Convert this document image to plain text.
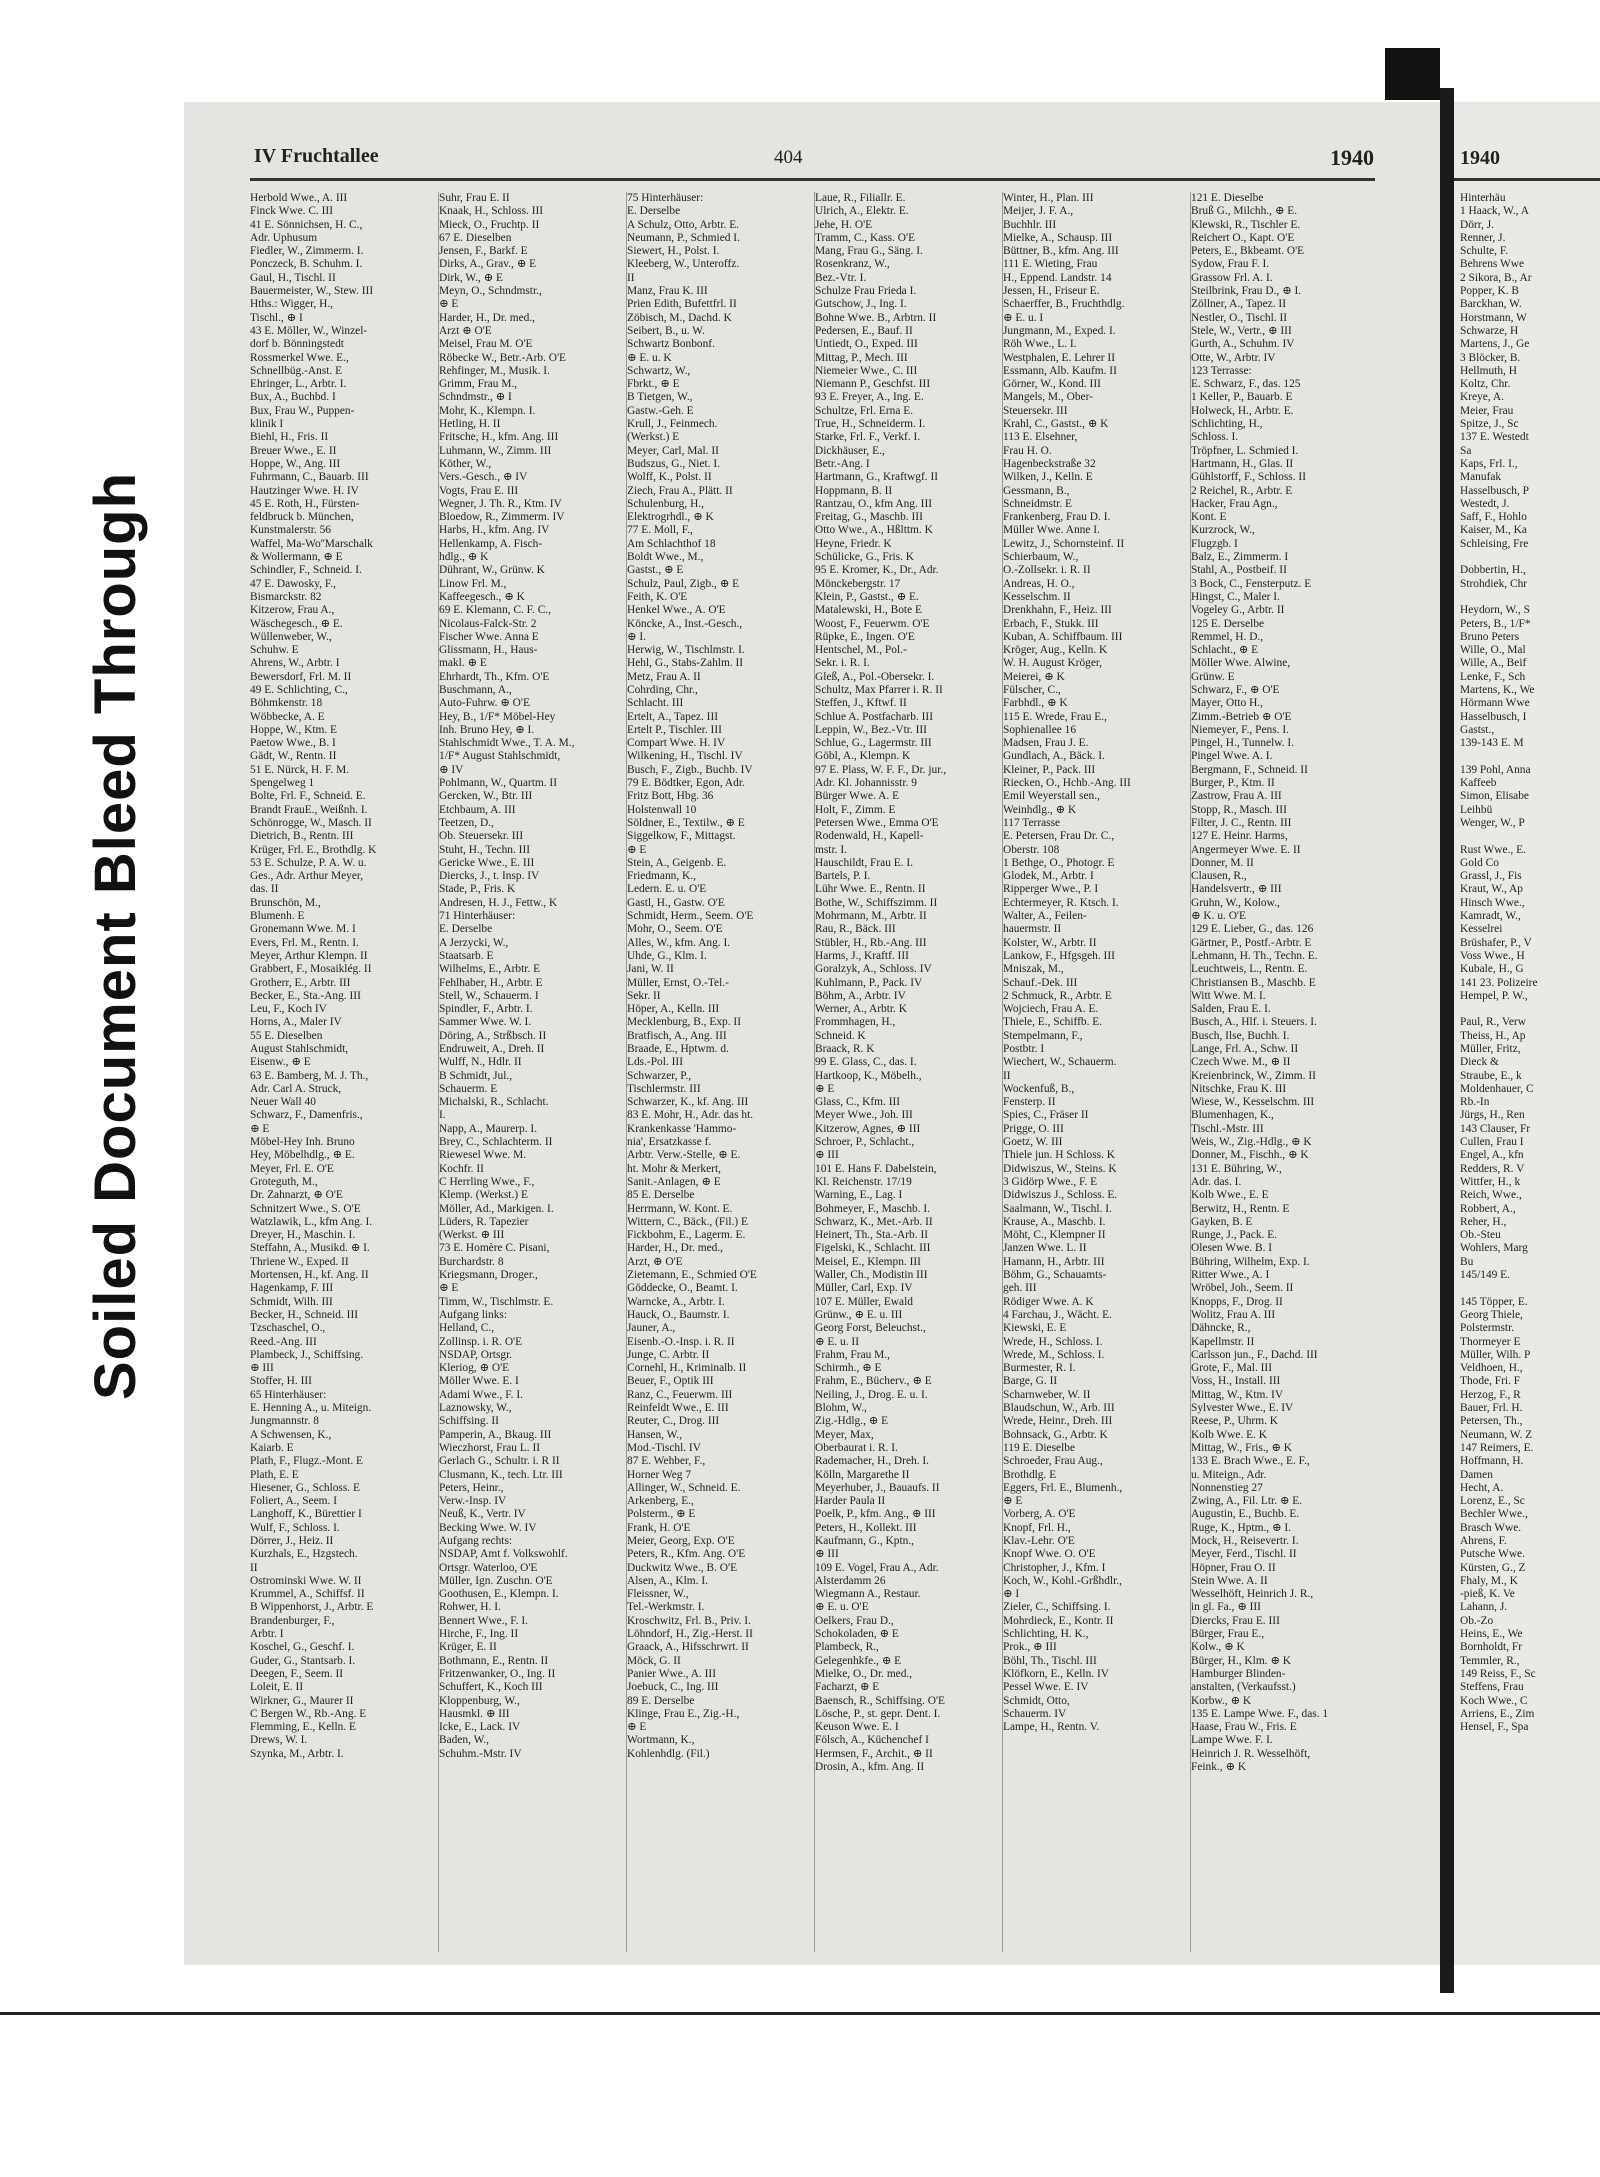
Soiled Document Bleed Through
IV Fruchtallee	404	1940
Herbold Wwe., A. III
Finck Wwe. C. III
41 E. Sönnichsen, H. C.,
Adr. Uphusum
Fiedler, W., Zimmerm. I.
Ponczeck, B. Schuhm. I.
Gaul, H., Tischl. II
Bauermeister, W., Stew. III
Hths.: Wigger, H.,
Tischl., ⊕ I
43 E. Möller, W., Winzel-
dorf b. Bönningstedt
Rossmerkel Wwe. E.,
Schnellbüg.-Anst. E
Ehringer, L., Arbtr. I.
Bux, A., Buchbd. I
Bux, Frau W., Puppen-
klinik I
Biehl, H., Fris. II
Breuer Wwe., E. II
Hoppe, W., Ang. III
Fuhrmann, C., Bauarb. III
Hautzinger Wwe. H. IV
45 E. Roth, H., Fürsten-
feldbruck b. München,
Kunstmalerstr. 56
Waffel, Ma-Wo''Marschalk
& Wollermann, ⊕ E
Schindler, F., Schneid. I.
47 E. Dawosky, F.,
Bismarckstr. 82
Kitzerow, Frau A.,
Wäschegesch., ⊕ E.
Wüllenweber, W.,
Schuhw. E
Ahrens, W., Arbtr. I
Bewersdorf, Frl. M. II
49 E. Schlichting, C.,
Böhmkenstr. 18
Wöbbecke, A. E
Hoppe, W., Ktm. E
Paetow Wwe., B. I
Gädt, W., Rentn. II
51 E. Nürck, H. F. M.
Spengelweg 1
Bolte, Frl. F., Schneid. E.
Brandt FrauE., Weißnh. I.
Schönrogge, W., Masch. II
Dietrich, B., Rentn. III
Krüger, Frl. E., Brothdlg. K
53 E. Schulze, P. A. W. u.
Ges., Adr. Arthur Meyer,
das. II
Brunschön, M.,
Blumenh. E
Gronemann Wwe. M. I
Evers, Frl. M., Rentn. I.
Meyer, Arthur Klempn. II
Grabbert, F., Mosaiklég. II
Grotherr, E., Arbtr. III
Becker, E., Sta.-Ang. III
Leu, F., Koch IV
Horns, A., Maler IV
55 E. Dieselben
August Stahlschmidt,
Eisenw., ⊕ E
63 E. Bamberg, M. J. Th.,
Adr. Carl A. Struck,
Neuer Wall 40
Schwarz, F., Damenfris.,
⊕ E
Möbel-Hey Inh. Bruno
Hey, Möbelhdlg., ⊕ E.
Meyer, Frl. E. O'E
Groteguth, M.,
Dr. Zahnarzt, ⊕ O'E
Schnitzert Wwe., S. O'E
Watzlawik, L., kfm Ang. I.
Dreyer, H., Maschin. I.
Steffahn, A., Musikd. ⊕ I.
Thriene W., Exped. II
Mortensen, H., kf. Ang. II
Hagenkamp, F. III
Schmidt, Wilh. III
Becker, H., Schneid. III
Tzschaschel, O.,
Reed.-Ang. III
Plambeck, J., Schiffsing.
⊕ III
Stoffer, H. III
65 Hinterhäuser:
E. Henning A., u. Miteign.
Jungmannstr. 8
A Schwensen, K.,
Kaiarb. E
Plath, F., Flugz.-Mont. E
Plath, E. E
Hiesener, G., Schloss. E
Foliert, A., Seem. I
Langhoff, K., Bürettier I
Wulf, F., Schloss. I.
Dörrer, J., Heiz. II
Kurzhals, E., Hzgstech.
II
Ostrominski Wwe. W. II
Krummel, A., Schiffsf. II
B Wippenhorst, J., Arbtr. E
Brandenburger, F.,
Arbtr. I
Koschel, G., Geschf. I.
Guder, G., Stantsarb. I.
Deegen, F., Seem. II
Loleit, E. II
Wirkner, G., Maurer II
C Bergen W., Rb.-Ang. E
Flemming, E., Kelln. E
Drews, W. I.
Szynka, M., Arbtr. I.
Suhr, Frau E. II
Knaak, H., Schloss. III
Mieck, O., Fruchtp. II
67 E. Dieselben
Jensen, F., Barkf. E
Dirks, A., Grav., ⊕ E
Dirk, W., ⊕ E
Meyn, O., Schndmstr.,
⊕ E
Harder, H., Dr. med.,
Arzt ⊕ O'E
Meisel, Frau M. O'E
Röbecke W., Betr.-Arb. O'E
Rehfinger, M., Musik. I.
Grimm, Frau M.,
Schndmstr., ⊕ I
Mohr, K., Klempn. I.
Hetling, H. II
Fritsche, H., kfm. Ang. III
Luhmann, W., Zimm. III
Köther, W.,
Vers.-Gesch., ⊕ IV
Vogts, Frau E. III
Wegner, J. Th. R., Ktm. IV
Bloedow, R., Zimmerm. IV
Harbs, H., kfm. Ang. IV
Hellenkamp, A. Fisch-
hdlg., ⊕ K
Dührant, W., Grünw. K
Linow Frl. M.,
Kaffeegesch., ⊕ K
69 E. Klemann, C. F. C.,
Nicolaus-Falck-Str. 2
Fischer Wwe. Anna E
Glissmann, H., Haus-
makl. ⊕ E
Ehrhardt, Th., Kfm. O'E
Buschmann, A.,
Auto-Fuhrw. ⊕ O'E
Hey, B., 1/F* Möbel-Hey
Inh. Bruno Hey, ⊕ I.
Stahlschmidt Wwe., T. A. M.,
1/F* August Stahlschmidt,
⊕ IV
Pohlmann, W., Quartm. II
Gercken, W., Btr. III
Etchbaum, A. III
Teetzen, D.,
Ob. Steuersekr. III
Stuht, H., Techn. III
Gericke Wwe., E. III
Diercks, J., t. Insp. IV
Stade, P., Fris. K
Andresen, H. J., Fettw., K
71 Hinterhäuser:
E. Derselbe
A Jerzycki, W.,
Staatsarb. E
Wilhelms, E., Arbtr. E
Fehlhaber, H., Arbtr. E
Stell, W., Schauerm. I
Spindler, F., Arbtr. I.
Sammer Wwe. W. I.
Döring, A., Strßbsch. II
Endruweit, A., Dreh. II
Wulff, N., Hdlr. II
B Schmidt, Jul.,
Schauerm. E
Michalski, R., Schlacht.
I.
Napp, A., Maurerp. I.
Brey, C., Schlachterm. II
Riewesel Wwe. M.
Kochfr. II
C Herrling Wwe., F.,
Klemp. (Werkst.) E
Möller, Ad., Markigen. I.
Lüders, R. Tapezier
(Werkst. ⊕ III
73 E. Homère C. Pisani,
Burchardstr. 8
Kriegsmann, Droger.,
⊕ E
Timm, W., Tischlmstr. E.
Aufgang links:
Helland, C.,
Zollinsp. i. R. O'E
NSDAP, Ortsgr.
Kleriog, ⊕ O'E
Möller Wwe. E. I
Adami Wwe., F. I.
Laznowsky, W.,
Schiffsing. II
Pamperin, A., Bkaug. III
Wieczhorst, Frau L. II
Gerlach G., Schultr. i. R II
Clusmann, K., tech. Ltr. III
Peters, Heinr.,
Verw.-Insp. IV
Neuß, K., Vertr. IV
Becking Wwe. W. IV
Aufgang rechts:
NSDAP, Amt f. Volkswohlf.
Ortsgr. Waterloo, O'E
Müller, Ign. Zuschn. O'E
Goothusen, E., Klempn. I.
Rohwer, H. I.
Bennert Wwe., F. I.
Hirche, F., Ing. II
Krüger, E. II
Bothmann, E., Rentn. II
Fritzenwanker, O., Ing. II
Schuffert, K., Koch III
Kloppenburg, W.,
Hausmkl. ⊕ III
Icke, E., Lack. IV
Baden, W.,
Schuhm.-Mstr. IV
75 Hinterhäuser:
E. Derselbe
A Schulz, Otto, Arbtr. E.
Neumann, P., Schmied I.
Siewert, H., Polst. I.
Kleeberg, W., Unteroffz.
II
Manz, Frau K. III
Prien Edith, Bufettfrl. II
Zöbisch, M., Dachd. K
Seibert, B., u. W.
Schwartz Bonbonf.
⊕ E. u. K
Schwartz, W.,
Fbrkt., ⊕ E
B Tietgen, W.,
Gastw.-Geh. E
Krull, J., Feinmech.
(Werkst.) E
Meyer, Carl, Mal. II
Budszus, G., Niet. I.
Wolff, K., Polst. II
Ziech, Frau A., Plätt. II
Schulenburg, H.,
Elektrogrhdl., ⊕ K
77 E. Moll, F.,
Am Schlachthof 18
Boldt Wwe., M.,
Gastst., ⊕ E
Schulz, Paul, Zigb., ⊕ E
Feith, K. O'E
Henkel Wwe., A. O'E
Köncke, A., Inst.-Gesch.,
⊕ I.
Herwig, W., Tischlmstr. I.
Hehl, G., Stabs-Zahlm. II
Metz, Frau A. II
Cohrding, Chr.,
Schlacht. III
Ertelt, A., Tapez. III
Ertelt P., Tischler. III
Compart Wwe. H. IV
Wilkening, H., Tischl. IV
Busch, F., Zigb., Buchb. IV
79 E. Bödtker, Egon, Adr.
Fritz Bott, Hbg. 36
Holstenwall 10
Söldner, E., Textilw., ⊕ E
Siggelkow, F., Mittagst.
⊕ E
Stein, A., Geigenb. E.
Friedmann, K.,
Ledern. E. u. O'E
Gastl, H., Gastw. O'E
Schmidt, Herm., Seem. O'E
Mohr, O., Seem. O'E
Alles, W., kfm. Ang. I.
Uhde, G., Klm. I.
Jani, W. II
Müller, Ernst, O.-Tel.-
Sekr. II
Höper, A., Kelln. III
Mecklenburg, B., Exp. II
Bratfisch, A., Ang. III
Braade, E., Hptwm. d.
Lds.-Pol. III
Schwarzer, P.,
Tischlermstr. III
Schwarzer, K., kf. Ang. III
83 E. Mohr, H., Adr. das ht.
Krankenkasse 'Hammo-
nia', Ersatzkasse f.
Arbtr. Verw.-Stelle, ⊕ E.
ht. Mohr & Merkert,
Sanit.-Anlagen, ⊕ E
85 E. Derselbe
Herrmann, W. Kont. E.
Wittern, C., Bäck., (Fil.) E
Fickbohm, E., Lagerm. E.
Harder, H., Dr. med.,
Arzt, ⊕ O'E
Zietemann, E., Schmied O'E
Göddecke, O., Beamt. I.
Warncke, A., Arbtr. I.
Hauck, O., Baumstr. I.
Jauner, A.,
Eisenb.-O.-Insp. i. R. II
Junge, C. Arbtr. II
Cornehl, H., Kriminalb. II
Beuer, F., Optik III
Ranz, C., Feuerwm. III
Reinfeldt Wwe., E. III
Reuter, C., Drog. III
Hansen, W.,
Mod.-Tischl. IV
87 E. Wehber, F.,
Horner Weg 7
Allinger, W., Schneid. E.
Arkenberg, E.,
Polsterm., ⊕ E
Frank, H. O'E
Meier, Georg, Exp. O'E
Peters, R., Kfm. Ang. O'E
Duckwitz Wwe., B. O'E
Alsen, A., Klm. I.
Fleissner, W.,
Tel.-Werkmstr. I.
Kroschwitz, Frl. B., Priv. I.
Löhndorf, H., Zig.-Herst. II
Graack, A., Hifsschrwrt. II
Möck, G. II
Panier Wwe., A. III
Joebuck, C., Ing. III
89 E. Derselbe
Klinge, Frau E., Zig.-H.,
⊕ E
Wortmann, K.,
Kohlenhdlg. (Fil.)
Laue, R., Filiallr. E.
Ulrich, A., Elektr. E.
Jehe, H. O'E
Tramm, C., Kass. O'E
Mang, Frau G., Säng. I.
Rosenkranz, W.,
Bez.-Vtr. I.
Schulze Frau Frieda I.
Gutschow, J., Ing. I.
Bohne Wwe. B., Arbtrn. II
Pedersen, E., Bauf. II
Untiedt, O., Exped. III
Mittag, P., Mech. III
Niemeier Wwe., C. III
Niemann P., Geschfst. III
93 E. Freyer, A., Ing. E.
Schultze, Frl. Erna E.
True, H., Schneiderm. I.
Starke, Frl. F., Verkf. I.
Dickhäuser, E.,
Betr.-Ang. I
Hartmann, G., Kraftwgf. II
Hoppmann, B. II
Rantzau, O., kfm Ang. III
Freitag, G., Maschb. III
Otto Wwe., A., Hßlttm. K
Heyne, Friedr. K
Schülicke, G., Fris. K
95 E. Kromer, K., Dr., Adr.
Mönckebergstr. 17
Klein, P., Gastst., ⊕ E.
Matalewski, H., Bote E
Woost, F., Feuerwm. O'E
Rüpke, E., Ingen. O'E
Hentschel, M., Pol.-
Sekr. i. R. I.
Gleß, A., Pol.-Obersekr. I.
Schultz, Max Pfarrer i. R. II
Steffen, J., Kftwf. II
Schlue A. Postfacharb. III
Leppin, W., Bez.-Vtr. III
Schlue, G., Lagermstr. III
Göbl, A., Klempn. K
97 E. Plass, W. F. F., Dr. jur.,
Adr. Kl. Johannisstr. 9
Bürger Wwe. A. E
Holt, F., Zimm. E
Petersen Wwe., Emma O'E
Rodenwald, H., Kapell-
mstr. I.
Hauschildt, Frau E. I.
Bartels, P. I.
Lühr Wwe. E., Rentn. II
Bothe, W., Schiffszimm. II
Mohrmann, M., Arbtr. II
Rau, R., Bäck. III
Stübler, H., Rb.-Ang. III
Harms, J., Kraftf. III
Goralzyk, A., Schloss. IV
Kuhlmann, P., Pack. IV
Böhm, A., Arbtr. IV
Werner, A., Arbtr. K
Frommhagen, H.,
Schneid. K
Braack, R. K
99 E. Glass, C., das. I.
Hartkoop, K., Möbelh.,
⊕ E
Glass, C., Kfm. III
Meyer Wwe., Joh. III
Kitzerow, Agnes, ⊕ III
Schroer, P., Schlacht.,
⊕ III
101 E. Hans F. Dabelstein,
Kl. Reichenstr. 17/19
Warning, E., Lag. I
Bohmeyer, F., Maschb. I.
Schwarz, K., Met.-Arb. II
Heinert, Th., Sta.-Arb. II
Figelski, K., Schlacht. III
Meisel, E., Klempn. III
Waller, Ch., Modistin III
Müller, Carl, Exp. IV
107 E. Müller, Ewald
Grünw., ⊕ E. u. III
Georg Forst, Beleuchst.,
⊕ E. u. II
Frahm, Frau M.,
Schirmh., ⊕ E
Frahm, E., Bücherv., ⊕ E
Neiling, J., Drog. E. u. I.
Blohm, W.,
Zig.-Hdlg., ⊕ E
Meyer, Max,
Oberbaurat i. R. I.
Rademacher, H., Dreh. I.
Kölln, Margarethe II
Meyerhuber, J., Bauaufs. II
Harder Paula II
Poelk, P., kfm. Ang., ⊕ III
Peters, H., Kollekt. III
Kaufmann, G., Kptn.,
⊕ III
109 E. Vogel, Frau A., Adr.
Alsterdamm 26
Wiegmann A., Restaur.
⊕ E. u. O'E
Oelkers, Frau D.,
Schokoladen, ⊕ E
Plambeck, R.,
Gelegenhkfe., ⊕ E
Mielke, O., Dr. med.,
Facharzt, ⊕ E
Baensch, R., Schiffsing. O'E
Lösche, P., st. gepr. Dent. I.
Keuson Wwe. E. I
Fölsch, A., Küchenchef I
Hermsen, F., Archit., ⊕ II
Drosin, A., kfm. Ang. II
Winter, H., Plan. III
Meijer, J. F. A.,
Buchhlr. III
Mielke, A., Schausp. III
Büttner, B., kfm. Ang. III
111 E. Wieting, Frau
H., Eppend. Landstr. 14
Jessen, H., Friseur E.
Schaerffer, B., Fruchthdlg.
⊕ E. u. I
Jungmann, M., Exped. I.
Röh Wwe., L. I.
Westphalen, E. Lehrer II
Essmann, Alb. Kaufm. II
Görner, W., Kond. III
Mangels, M., Ober-
Steuersekr. III
Krahl, C., Gastst., ⊕ K
113 E. Elsehner,
Frau H. O.
Hagenbeckstraße 32
Wilken, J., Kelln. E
Gessmann, B.,
Schneidmstr. E
Frankenberg, Frau D. I.
Müller Wwe. Anne I.
Lewitz, J., Schornsteinf. II
Schierbaum, W.,
O.-Zollsekr. i. R. II
Andreas, H. O.,
Kesselschm. II
Drenkhahn, F., Heiz. III
Erbach, F., Stukk. III
Kuban, A. Schiffbaum. III
Kröger, Aug., Kelln. K
W. H. August Kröger,
Meierei, ⊕ K
Fülscher, C.,
Farbhdl., ⊕ K
115 E. Wrede, Frau E.,
Sophienallee 16
Madsen, Frau J. E.
Gundlach, A., Bäck. I.
Kleiner, P., Pack. III
Riecken, O., Hchb.-Ang. III
Emil Weyerstall sen.,
Weinhdlg., ⊕ K
117 Terrasse
E. Petersen, Frau Dr. C.,
Oberstr. 108
1 Bethge, O., Photogr. E
Glodek, M., Arbtr. I
Ripperger Wwe., P. I
Echtermeyer, R. Ktsch. I.
Walter, A., Feilen-
hauermstr. II
Kolster, W., Arbtr. II
Lankow, F., Hfgsgeh. III
Mniszak, M.,
Schauf.-Dek. III
2 Schmuck, R., Arbtr. E
Wojciech, Frau A. E.
Thiele, E., Schiffb. E.
Stempelmann, F.,
Postbtr. I
Wiechert, W., Schauerm.
II
Wockenfuß, B.,
Fensterp. II
Spies, C., Fräser II
Prigge, O. III
Goetz, W. III
Thiele jun. H Schloss. K
Didwiszus, W., Steins. K
3 Gidörp Wwe., F. E
Didwiszus J., Schloss. E.
Saalmann, W., Tischl. I.
Krause, A., Maschb. I.
Möht, C., Klempner II
Janzen Wwe. L. II
Hamann, H., Arbtr. III
Böhm, G., Schauamts-
geh. III
Rödiger Wwe. A. K
4 Farchau, J., Wächt. E.
Kiewski, E. E
Wrede, H., Schloss. I.
Wrede, M., Schloss. I.
Burmester, R. I.
Barge, G. II
Scharnweber, W. II
Blaudschun, W., Arb. III
Wrede, Heinr., Dreh. III
Bohnsack, G., Arbtr. K
119 E. Dieselbe
Schroeder, Frau Aug.,
Brothdlg. E
Eggers, Frl. E., Blumenh.,
⊕ E
Vorberg, A. O'E
Knopf, Frl. H.,
Klav.-Lehr. O'E
Knopf Wwe. O. O'E
Christopher, J., Kfm. I
Koch, W., Kohl.-Grßhdlr.,
⊕ I
Zieler, C., Schiffsing. I.
Mohrdieck, E., Kontr. II
Schlichting, H. K.,
Prok., ⊕ III
Böhl, Th., Tischl. III
Klöfkorn, E., Kelln. IV
Pessel Wwe. E. IV
Schmidt, Otto,
Schauerm. IV
Lampe, H., Rentn. V.
121 E. Dieselbe
Bruß G., Milchh., ⊕ E.
Klewski, R., Tischler E.
Reichert O., Kapt. O'E
Peters, E., Bkbeamt. O'E
Sydow, Frau F. I.
Grassow Frl. A. I.
Steilbrink, Frau D., ⊕ I.
Zöllner, A., Tapez. II
Nestler, O., Tischl. II
Stele, W., Vertr., ⊕ III
Gurth, A., Schuhm. IV
Otte, W., Arbtr. IV
123 Terrasse:
E. Schwarz, F., das. 125
1 Keller, P., Bauarb. E
Holweck, H., Arbtr. E.
Schlichting, H.,
Schloss. I.
Tröpfner, L. Schmied I.
Hartmann, H., Glas. II
Gühlstorff, F., Schloss. II
2 Reichel, R., Arbtr. E
Hacker, Frau Agn.,
Kont. E
Kurzrock, W.,
Flugzgb. I
Balz, E., Zimmerm. I
Stahl, A., Postbeif. II
3 Bock, C., Fensterputz. E
Hingst, C., Maler I.
Vogeley G., Arbtr. II
125 E. Derselbe
Remmel, H. D.,
Schlacht., ⊕ E
Möller Wwe. Alwine,
Grünw. E
Schwarz, F., ⊕ O'E
Mayer, Otto H.,
Zimm.-Betrieb ⊕ O'E
Niemeyer, F., Pens. I.
Pingel, H., Tunnelw. I.
Pingel Wwe. A. I.
Bergmann, F., Schneid. II
Burger, P., Ktm. II
Zastrow, Frau A. III
Stopp, R., Masch. III
Filter, J. C., Rentn. III
127 E. Heinr. Harms,
Angermeyer Wwe. E. II
Donner, M. II
Clausen, R.,
Handelsvertr., ⊕ III
Gruhn, W., Kolow.,
⊕ K. u. O'E
129 E. Lieber, G., das. 126
Gärtner, P., Postf.-Arbtr. E
Lehmann, H. Th., Techn. E.
Leuchtweis, L., Rentn. E.
Christiansen B., Maschb. E
Witt Wwe. M. I.
Salden, Frau E. I.
Busch, A., Hlf. i. Steuers. I.
Busch, Ilse, Buchh. I.
Lange, Frl. A., Schw. II
Czech Wwe. M., ⊕ II
Kreienbrinck, W., Zimm. II
Nitschke, Frau K. III
Wiese, W., Kesselschm. III
Blumenhagen, K.,
Tischl.-Mstr. III
Weis, W., Zig.-Hdlg., ⊕ K
Donner, M., Fischh., ⊕ K
131 E. Bühring, W.,
Adr. das. I.
Kolb Wwe., E. E
Berwitz, H., Rentn. E
Gayken, B. E
Runge, J., Pack. E.
Olesen Wwe. B. I
Bühring, Wilhelm, Exp. I.
Ritter Wwe., A. I
Wröbel, Joh., Seem. II
Knopps, F., Drog. II
Wolitz, Frau A. III
Dähncke, R.,
Kapellmstr. II
Carlsson jun., F., Dachd. III
Grote, F., Mal. III
Voss, H., Install. III
Mittag, W., Ktm. IV
Sylvester Wwe., E. IV
Reese, P., Uhrm. K
Kolb Wwe. E. K
Mittag, W., Fris., ⊕ K
133 E. Brach Wwe., E. F.,
u. Miteign., Adr.
Nonnenstieg 27
Zwing, A., Fil. Ltr. ⊕ E.
Augustin, E., Buchb. E.
Ruge, K., Hptm., ⊕ I.
Mock, H., Reisevertr. I.
Meyer, Ferd., Tischl. II
Höpner, Frau O. II
Stein Wwe. A. II
Wesselhöft, Heinrich J. R.,
in gl. Fa., ⊕ III
Diercks, Frau E. III
Bürger, Frau E.,
Kolw., ⊕ K
Bürger, H., Klm. ⊕ K
Hamburger Blinden-
anstalten, (Verkaufsst.)
Korbw., ⊕ K
135 E. Lampe Wwe. F., das. 1
Haase, Frau W., Fris. E
Lampe Wwe. F. I.
Heinrich J. R. Wesselhöft,
Feink., ⊕ K
1940
Hinterhäu
1 Haack, W., A
Dörr, J.
Renner, J.
Schulte, F.
Behrens Wwe
2 Sikora, B., Ar
Popper, K. B
Barckhan, W.
Horstmann, W
Schwarze, H
Martens, J., Ge
3 Blöcker, B.
Hellmuth, H
Koltz, Chr.
Kreye, A.
Meier, Frau
Spitze, J., Sc
137 E. Westedt
Sa
Kaps, Frl. I.,
Manufak
Hasselbusch, P
Westedt, J.
Saff, F., Hohlo
Kaiser, M., Ka
Schleising, Fre

Dobbertin, H.,
Strohdiek, Chr

Heydorn, W., S
Peters, B., 1/F*
Bruno Peters
Wille, O., Mal
Wille, A., Beif
Lenke, F., Sch
Martens, K., We
Hörmann Wwe
Hasselbusch, I
Gastst.,
139-143 E. M

139 Pohl, Anna
Kaffeeb
Simon, Elisabe
Leihbü
Wenger, W., P

Rust Wwe., E.
Gold Co
Grassl, J., Fis
Kraut, W., Ap
Hinsch Wwe.,
Kamradt, W.,
Kesselrei
Brüshafer, P., V
Voss Wwe., H
Kubale, H., G
141 23. Polizeire
Hempel, P. W.,

Paul, R., Verw
Theiss, H., Ap
Müller, Fritz,
Dieck &
Straube, E., k
Moldenhauer, C
Rb.-In
Jürgs, H., Ren
143 Clauser, Fr
Cullen, Frau I
Engel, A., kfn
Redders, R. V
Wittfer, H., k
Reich, Wwe.,
Robbert, A.,
Reher, H.,
Ob.-Steu
Wohlers, Marg
Bu
145/149 E.

145 Töpper, E.
Georg Thiele,
Polstermstr.
Thormeyer E
Müller, Wilh. P
Veldhoen, H.,
Thode, Fri. F
Herzog, F., R
Bauer, Frl. H.
Petersen, Th.,
Neumann, W. Z
147 Reimers, E.
Hoffmann, H.
Damen
Hecht, A.
Lorenz, E., Sc
Bechler Wwe.,
Brasch Wwe.
Ahrens, F.
Putsche Wwe.
Kürsten, G., Z
Fhaly, M., K
-pieß, K. Ve
Lahann, J.
Ob.-Zo
Heins, E., We
Bornholdt, Fr
Temmler, R.,
149 Reiss, F., Sc
Steffens, Frau
Koch Wwe., C
Arriens, E., Zim
Hensel, F., Spa
